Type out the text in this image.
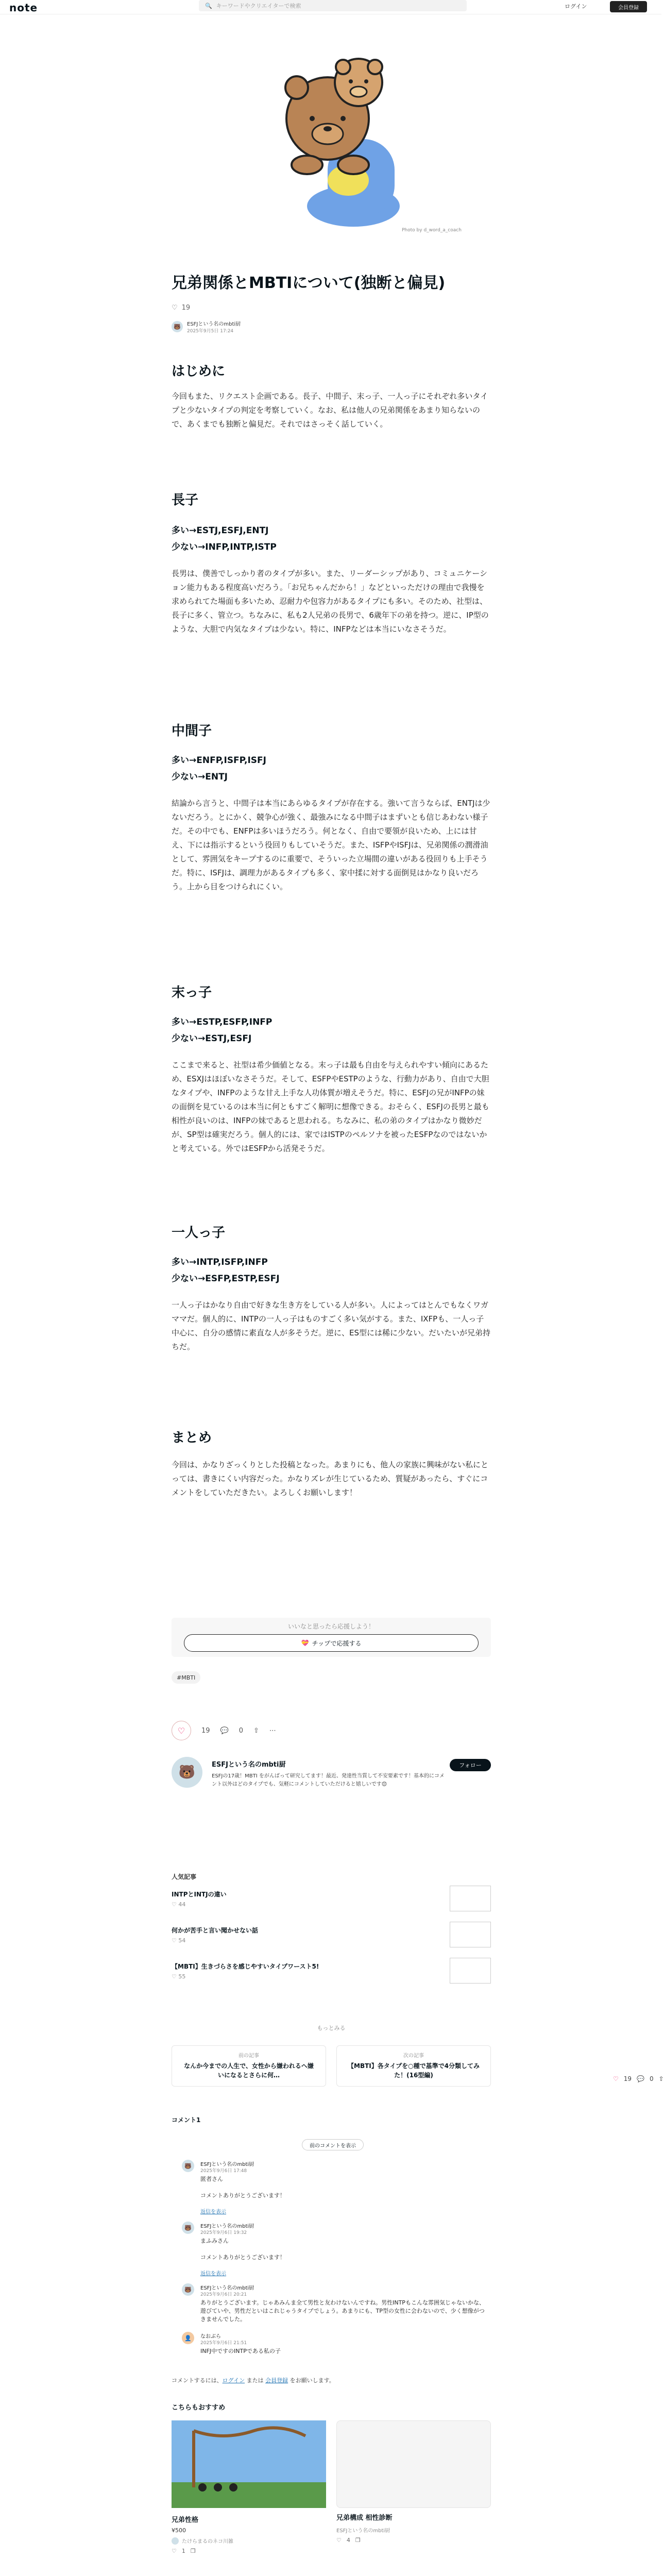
note	🔍 キーワードやクリエイターで検索	ログイン	会員登録
Photo by d_word_a_coach
兄弟関係とMBTIについて(独断と偏見)
♡ 19
🐻	ESFJという名のmbti厨
2025年9月5日 17:24
はじめに
今回もまた、リクエスト企画である。長子、中間子、末っ子、一人っ子にそれぞれ多いタイプと少ないタイプの判定を考察していく。なお、私は他人の兄弟関係をあまり知らないので、あくまでも独断と偏見だ。それではさっそく話していく。
長子
多い→ESTJ,ESFJ,ENTJ
少ない→INFP,INTP,ISTP
長男は、僕善でしっかり者のタイプが多い。また、リーダーシップがあり、コミュニケーション能力もある程度高いだろう。「お兄ちゃんだから！」などといっただけの理由で我慢を求められてた場面も多いため、忍耐力や包容力があるタイプにも多い。そのため、社型は、長子に多く、管立つ。ちなみに、私も2人兄弟の長男で、6歳年下の弟を持つ。逆に、IP型のような、大胆で内気なタイプは少ない。特に、INFPなどは本当にいなさそうだ。
中間子
多い→ENFP,ISFP,ISFJ
少ない→ENTJ
結論から言うと、中間子は本当にあらゆるタイプが存在する。強いて言うならば、ENTJは少ないだろう。とにかく、競争心が強く、最強みになる中間子はまずいとも信じあわない様子だ。その中でも、ENFPは多いほうだろう。何となく、自由で要領が良いため、上には甘え、下には指示するという役回りもしていそうだ。また、ISFPやISFJは、兄弟関係の潤滑油として、雰囲気をキープするのに重要で、そういった立場間の違いがある役回りも上手そうだ。特に、ISFJは、調理力があるタイプも多く、家中揉に対する面倒見はかなり良いだろう。上から目をつけられにくい。
末っ子
多い→ESTP,ESFP,INFP
少ない→ESTJ,ESFJ
ここまで来ると、社型は希少価値となる。末っ子は最も自由を与えられやすい傾向にあるため、ESXJはほぼいなさそうだ。そして、ESFPやESTPのような、行動力があり、自由で大胆なタイプや、INFPのような甘え上手な人功体質が増えそうだ。特に、ESFJの兄がINFPの妹の面倒を見ているのは本当に何ともすごく解明に想像できる。おそらく、ESFJの長男と最も相性が良いのは、INFPの妹であると思われる。ちなみに、私の弟のタイプはかなり微妙だが、SP型は確実だろう。個人的には、家ではISTPのペルソナを被ったESFPなのではないかと考えている。外ではESFPから活発そうだ。
一人っ子
多い→INTP,ISFP,INFP
少ない→ESFP,ESTP,ESFJ
一人っ子はかなり自由で好きな生き方をしている人が多い。人によってはとんでもなくワガママだ。個人的に、INTPの一人っ子はものすごく多い気がする。また、IXFPも、一人っ子中心に、自分の感情に素直な人が多そうだ。逆に、ES型には稀に少ない。だいたいが兄弟持ちだ。
まとめ
今回は、かなりざっくりとした投稿となった。あまりにも、他人の家族に興味がない私にとっては、書きにくい内容だった。かなりズレが生じているため、質疑があったら、すぐにコメントをしていただきたい。よろしくお願いします！
いいなと思ったら応援しよう！
💝 チップで応援する
#MBTI
♡	19 💬 0 ⇧ ⋯
🐻	ESFJという名のmbti厨
ESFJの17歳！MBTI をがんばって研究してます！最近、発達性当質して不安要素です！基本的にコメント以外はどのタイプでも、気軽にコメントしていただけると嬉しいです😊
フォロー
人気記事
INTPとINTJの違い
♡ 44
何かが苦手と言い聞かせない話
♡ 54
【MBTI】生きづらさを感じやすいタイプワースト5!
♡ 55
もっとみる
前の記事
なんか今までの人生で、女性から嫌われるへ嫌いになるとさらに何…
次の記事
【MBTI】各タイプを○種で基準で4分類してみた！(16型編)	♡ 19 💬 0 ⇧
コメント1
前のコメントを表示
🐻	ESFJという名のmbti厨
2025年9月6日 17:48
匿者さん

コメントありがとうございます！
返信を表示
🐻	ESFJという名のmbti厨
2025年9月6日 19:32
まふみさん

コメントありがとうございます！
返信を表示
🐻	ESFJという名のmbti厨
2025年9月6日 20:21
ありがとうございます。じゃあみんま全て男性と友わけないんですね。男性INTPもこんな雰囲気じゃないかな、遊びていや、男性だといはこれじゃうタイプでしょう。あまりにも、TP型の女性に会わないので、少く想像がつきませんでした。
👤	なおぶら
2025年9月6日 21:51
INFJ中ですのINTPである私の子
コメントするには、ログイン または 会員登録 をお願いします。
こちらもおすすめ
兄弟性格
¥500
たけらまるのネコ川雑
♡ 1 ❐
兄弟構成 相性診断
ESFJという名のmbti厨
♡ 4 ❐
